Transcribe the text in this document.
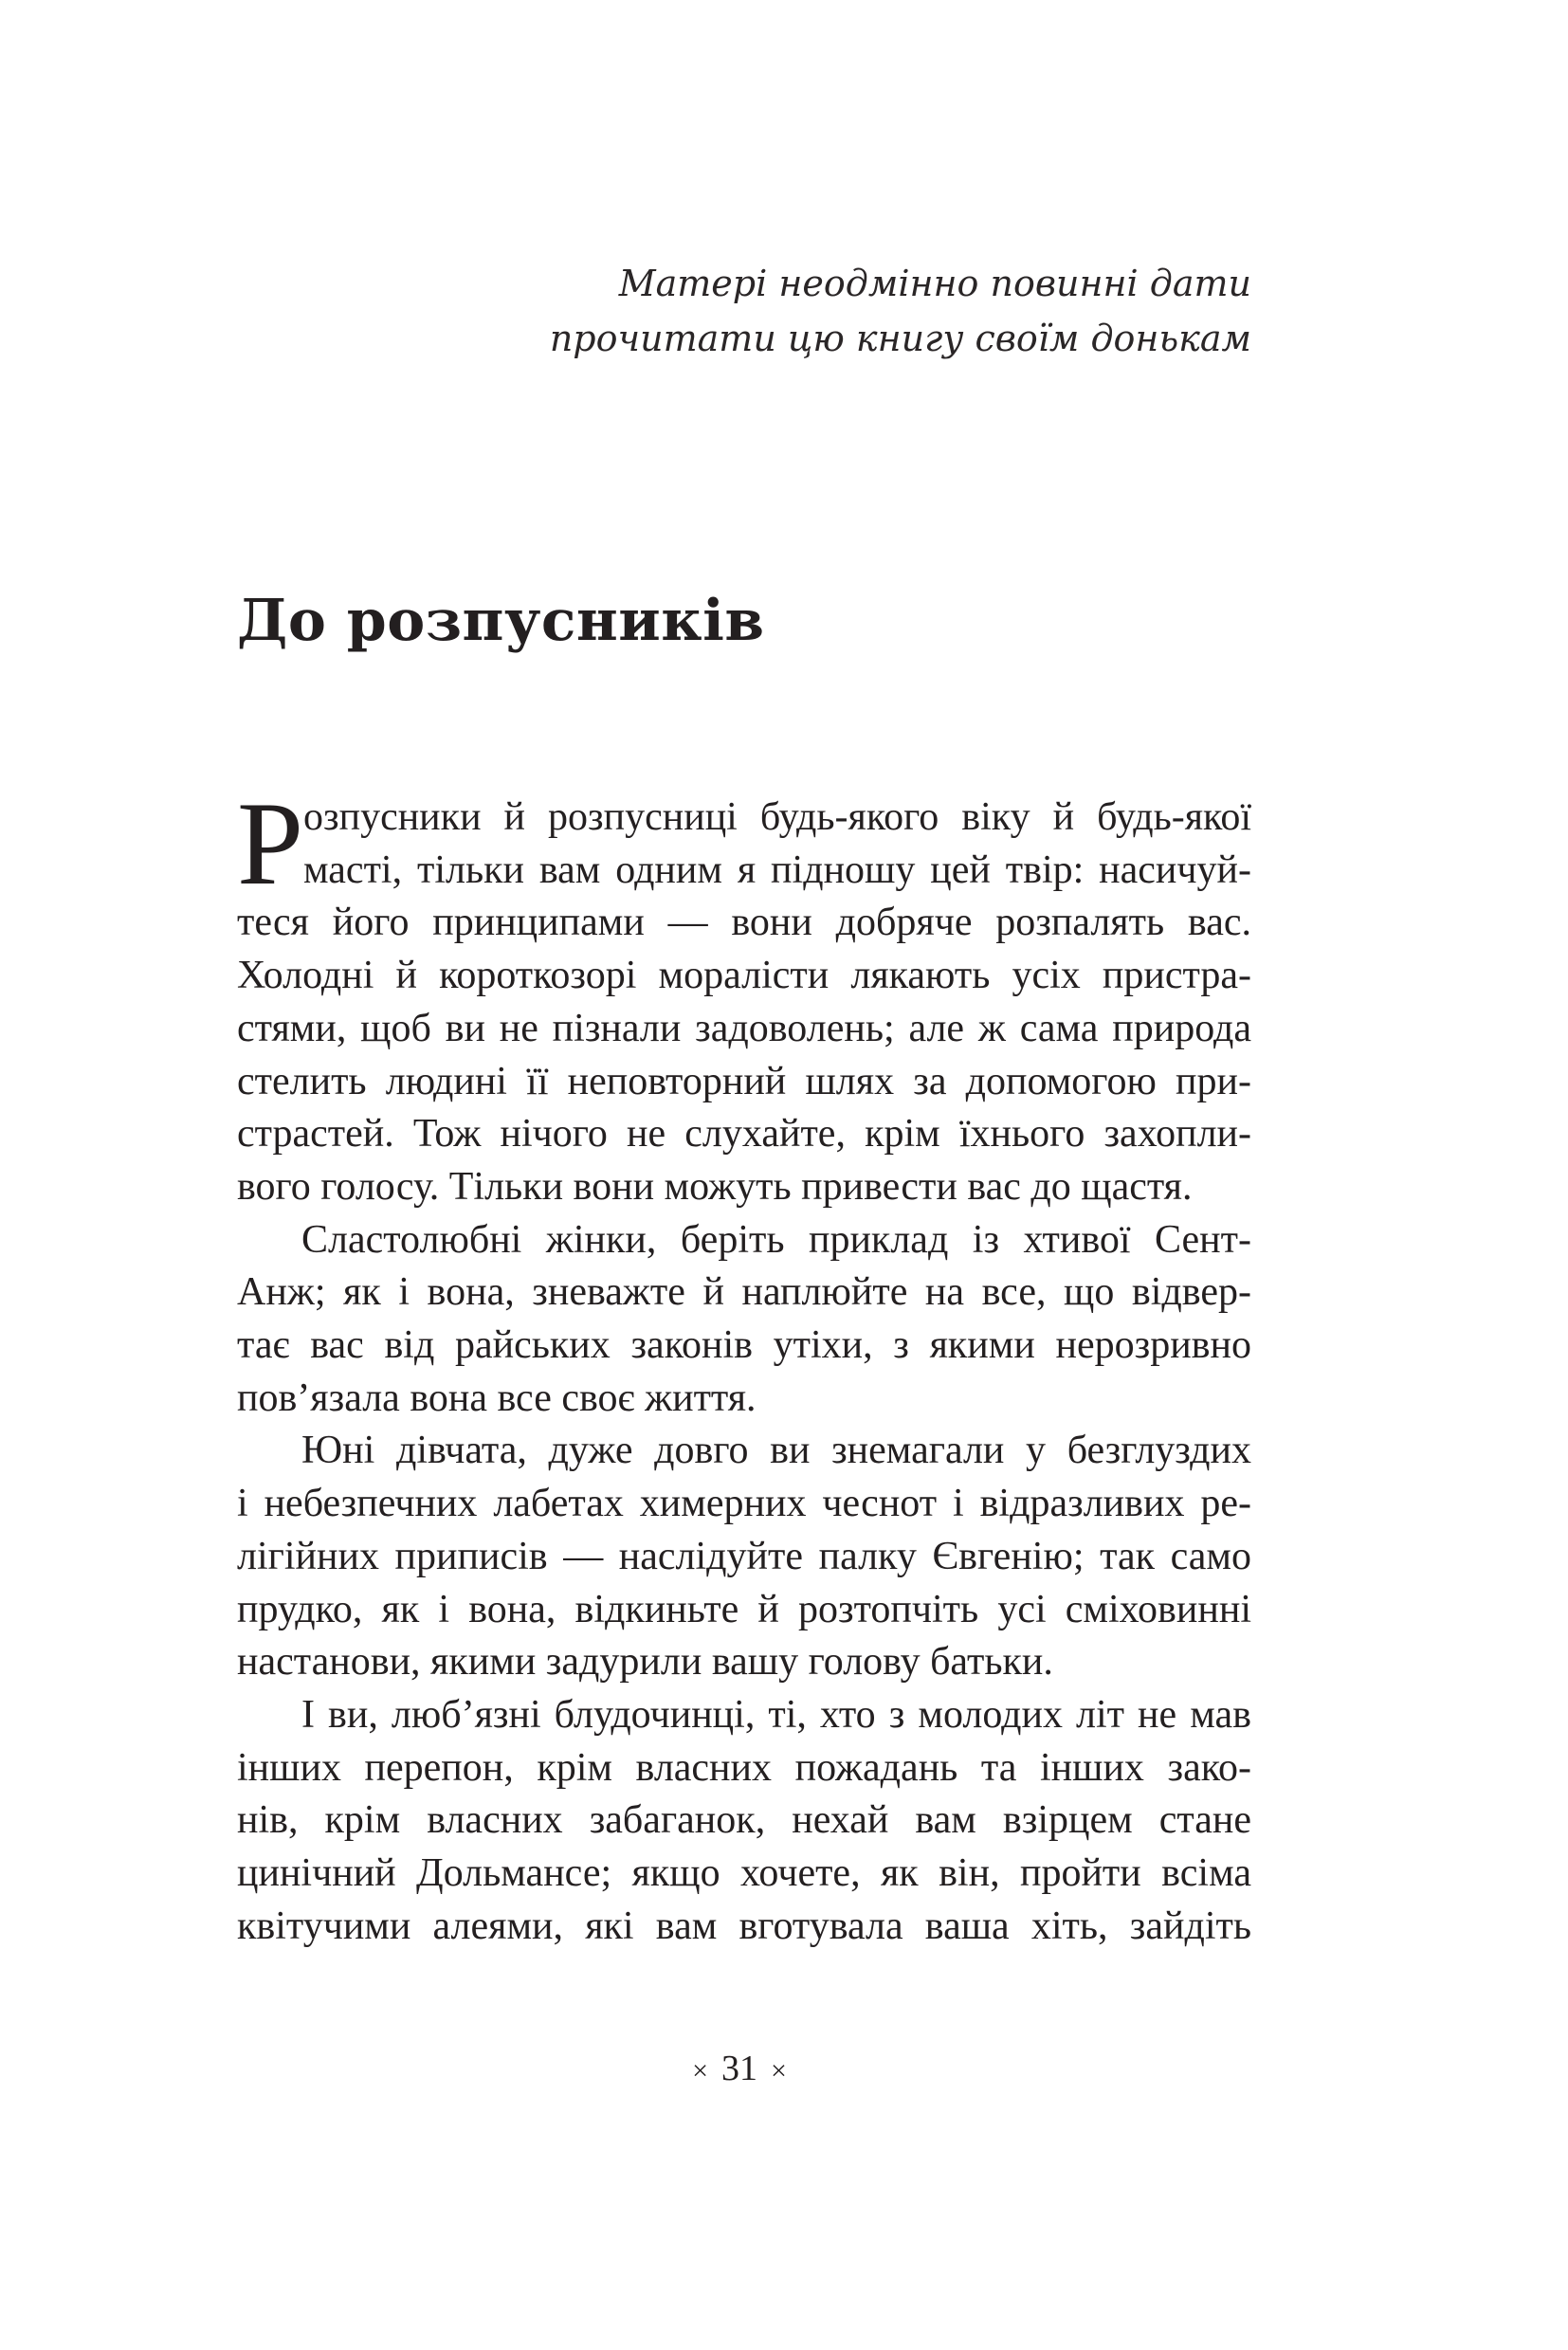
Матері неодмінно повинні дати
прочитати цю книгу своїм донькам
До розпусників
Р озпусники й розпусниці будь-якого віку й будь-якої
масті, тільки вам одним я підношу цей твір: насичуй-
теся його принципами — вони добряче розпалять вас.
Холодні й короткозорі моралісти лякають усіх пристра-
стями, щоб ви не пізнали задоволень; але ж сама природа
стелить людині її неповторний шлях за допомогою при-
страстей. Тож нічого не слухайте, крім їхнього захопли-
вого голосу. Тільки вони можуть привести вас до щастя.
Сластолюбні жінки, беріть приклад із хтивої Сент-
Анж; як і вона, зневажте й наплюйте на все, що відвер-
тає вас від райських законів утіхи, з якими нерозривно
пов’язала вона все своє життя.
Юні дівчата, дуже довго ви знемагали у безглуздих
і небезпечних лабетах химерних чеснот і відразливих ре-
лігійних приписів — наслідуйте палку Євгенію; так само
прудко, як і вона, відкиньте й розтопчіть усі сміховинні
настанови, якими задурили вашу голову батьки.
І ви, люб’язні блудочинці, ті, хто з молодих літ не мав
інших перепон, крім власних пожадань та інших зако-
нів, крім власних забаганок, нехай вам взірцем стане
цинічний Дольмансе; якщо хочете, як він, пройти всіма
квітучими алеями, які вам вготувала ваша хіть, зайдіть
× 31 ×
